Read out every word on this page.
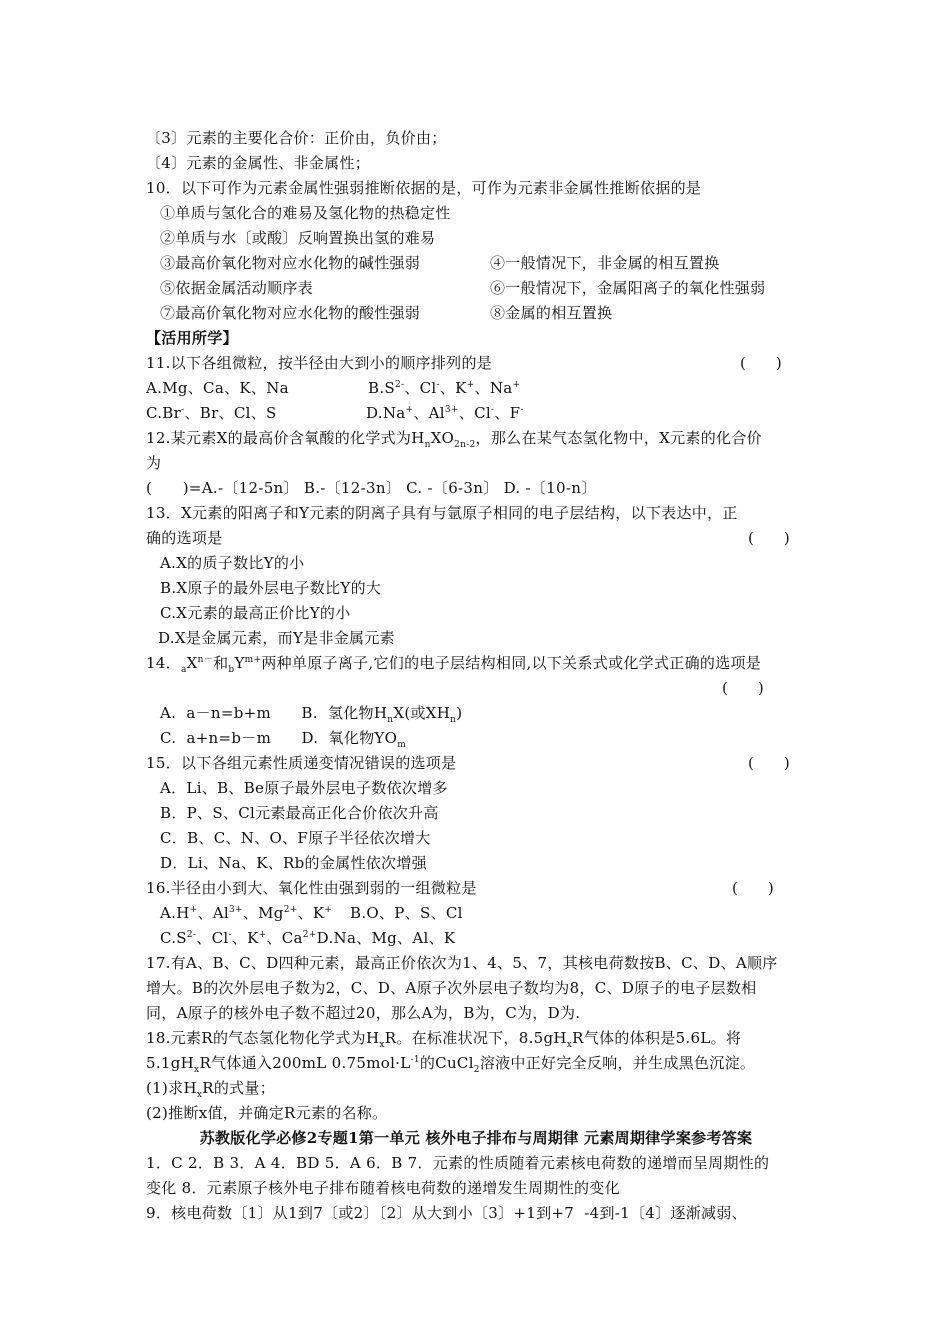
〔3〕元素的主要化合价：正价由，负价由；
〔4〕元素的金属性、非金属性；
10．以下可作为元素金属性强弱推断依据的是，可作为元素非金属性推断依据的是
①单质与氢化合的难易及氢化物的热稳定性
②单质与水〔或酸〕反响置换出氢的难易
③最高价氧化物对应水化物的碱性强弱	④一般情况下，非金属的相互置换
⑤依据金属活动顺序表	⑥一般情况下，金属阳离子的氧化性强弱
⑦最高价氧化物对应水化物的酸性强弱	⑧金属的相互置换
【活用所学】
11.以下各组微粒，按半径由大到小的顺序排列的是	(　　)
A.Mg、Ca、K、Na	$B.S^{2-}$、Cl-、K+、Na+
C.Br-、Br、Cl、S	D.Na+、$Al^{3+}$、Cl-、F-
12.某元素X的最高价含氧酸的化学式为$H_nXO_{2n-2}$，那么在某气态氢化物中，X元素的化合价
为
(　　)=A.-〔12-5n〕 B.-〔12-3n〕 C. -〔6-3n〕 D. -〔10-n〕
13．X元素的阳离子和Y元素的阴离子具有与氩原子相同的电子层结构，以下表达中，正
确的选项是	(　　)
A.X的质子数比Y的小
B.X原子的最外层电子数比Y的大
C.X元素的最高正价比Y的小
D.X是金属元素，而Y是非金属元素
14．$_aX^{n-}$和$_bY^{m+}$两种单原子离子,它们的电子层结构相同,以下关系式或化学式正确的选项是
(　　)
A.  a－n=b+m      B.  氢化物$H_nX$(或$XH_n$)
C.  a+n=b－m      D.  氧化物$YO_m$
15．以下各组元素性质递变情况错误的选项是	(　　)
A．Li、B、Be原子最外层电子数依次增多
B．P、S、Cl元素最高正化合价依次升高
C．B、C、N、O、F原子半径依次增大
D．Li、Na、K、Rb的金属性依次增强
16.半径由小到大、氧化性由强到弱的一组微粒是	(　　)
A.H+、$Al^{3+}$、$Mg^{2+}$、K+ B.O、P、S、Cl
$C.S^{2-}$、Cl-、K+、$Ca^{2+}D.Na$、Mg、Al、K
17.有A、B、C、D四种元素，最高正价依次为1、4、5、7，其核电荷数按B、C、D、A顺序
增大。B的次外层电子数为2，C、D、A原子次外层电子数均为8，C、D原子的电子层数相
同，A原子的核外电子数不超过20，那么A为，B为，C为，D为.
18.元素R的气态氢化物化学式为$H_xR$。在标准状况下，$8.5gH_xR$气体的体积是5.6L。将
$5.1gH_xR$气体通入200mL $0.75mol\cdot L^{-1}$的CuCl$_2$溶液中正好完全反响，并生成黑色沉淀。
(1)求$H_xR$的式量；
(2)推断x值，并确定R元素的名称。
苏教版化学必修2专题1第一单元 核外电子排布与周期律 元素周期律学案参考答案
1．C 2．B 3．A 4．BD 5．A 6．B 7．元素的性质随着元素核电荷数的递增而呈周期性的
变化 8．元素原子核外电子排布随着核电荷数的递增发生周期性的变化
9．核电荷数〔1〕从1到7〔或2〕〔2〕从大到小〔3〕+1到+7  -4到-1〔4〕逐渐减弱、
